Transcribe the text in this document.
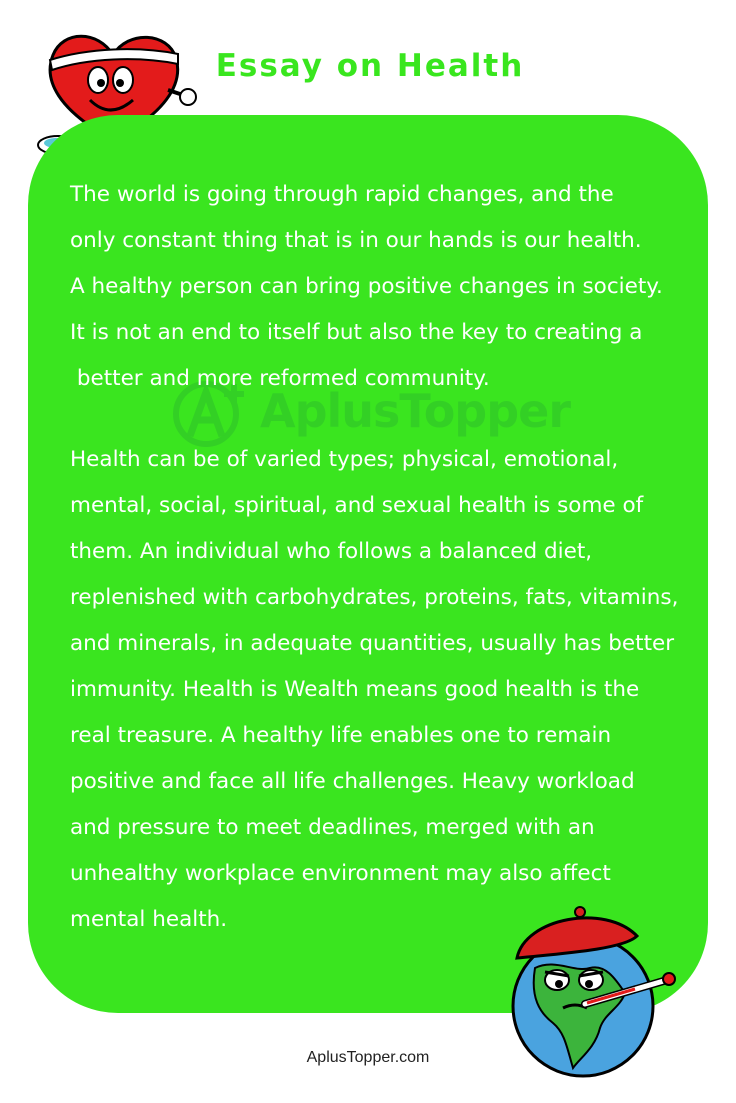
Essay on Health
AplusTopper
The world is going through rapid changes, and the
only constant thing that is in our hands is our health.
A healthy person can bring positive changes in society.
It is not an end to itself but also the key to creating a
better and more reformed community.
Health can be of varied types; physical, emotional,
mental, social, spiritual, and sexual health is some of
them. An individual who follows a balanced diet,
replenished with carbohydrates, proteins, fats, vitamins,
and minerals, in adequate quantities, usually has better
immunity. Health is Wealth means good health is the
real treasure. A healthy life enables one to remain
positive and face all life challenges. Heavy workload
and pressure to meet deadlines, merged with an
unhealthy workplace environment may also affect
mental health.
AplusTopper.com
